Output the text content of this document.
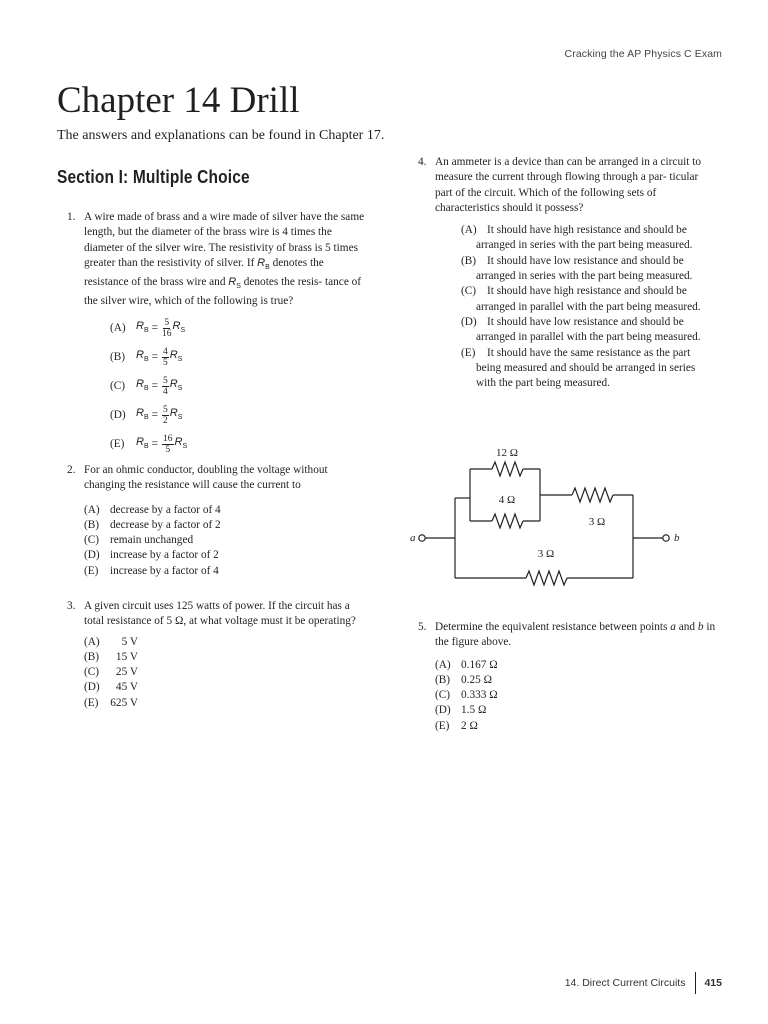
Cracking the AP Physics C Exam
Chapter 14 Drill
The answers and explanations can be found in Chapter 17.
Section I: Multiple Choice
1. A wire made of brass and a wire made of silver have the same length, but the diameter of the brass wire is 4 times the diameter of the silver wire. The resistivity of brass is 5 times greater than the resistivity of silver. If $R_B$ denotes the resistance of the brass wire and $R_S$ denotes the resis- tance of the silver wire, which of the following is true?
(A) $R_B = \frac{5}{16} R_S$
(B) $R_B = \frac{4}{5} R_S$
(C) $R_B = \frac{5}{4} R_S$
(D) $R_B = \frac{5}{2} R_S$
(E)	$R_B = \frac{16}{5} R_S$
2. For an ohmic conductor, doubling the voltage without changing the resistance will cause the current to
(A) decrease by a factor of 4
(B) decrease by a factor of 2
(C) remain unchanged
(D) increase by a factor of 2
(E) increase by a factor of 4
3. A given circuit uses 125 watts of power. If the circuit has a total resistance of 5 Ω, at what voltage must it be operating?
(A) 5 V
(B) 15 V
(C) 25 V
(D) 45 V
(E) 625 V
4. An ammeter is a device than can be arranged in a circuit to measure the current through flowing through a par- ticular part of the circuit. Which of the following sets of characteristics should it possess?
(A) It should have high resistance and should be arranged in series with the part being measured.
(B) It should have low resistance and should be arranged in series with the part being measured.
(C) It should have high resistance and should be arranged in parallel with the part being measured.
(D) It should have low resistance and should be arranged in parallel with the part being measured.
(E) It should have the same resistance as the part being measured and should be arranged in series with the part being measured.
12 Ω
4 Ω
3 Ω
3 Ω
a	b
5. Determine the equivalent resistance between points a and b in the figure above.
(A) 0.167 Ω
(B) 0.25 Ω
(C) 0.333 Ω
(D) 1.5 Ω
(E) 2 Ω
14. Direct Current Circuits 415
